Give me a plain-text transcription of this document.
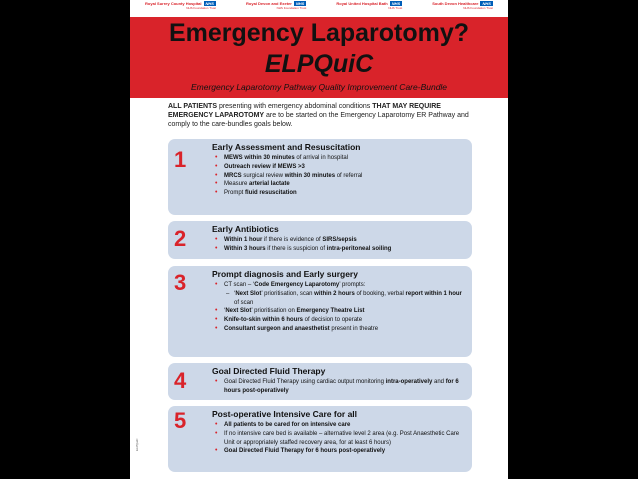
Royal Surrey County Hospital	NHS
NHS Foundation Trust
Royal Devon and Exeter	NHS
NHS Foundation Trust
Royal United Hospital Bath	NHS
NHS Trust
South Devon Healthcare	NHS
NHS Foundation Trust
Emergency Laparotomy?
ELPQuiC
Emergency Laparotomy Pathway Quality Improvement Care-Bundle
ALL PATIENTS presenting with emergency abdominal conditions THAT MAY REQUIRE EMERGENCY LAPAROTOMY are to be started on the Emergency Laparotomy ER Pathway and comply to the care-bundles goals below.
1	Early Assessment and Resuscitation
• MEWS within 30 minutes of arrival in hospital
• Outreach review if MEWS >3
• MRCS surgical review within 30 minutes of referral
• Measure arterial lactate
• Prompt fluid resuscitation
2	Early Antibiotics
• Within 1 hour if there is evidence of SIRS/sepsis
• Within 3 hours if there is suspicion of intra-peritoneal soiling
3	Prompt diagnosis and Early surgery
• CT scan – ‘Code Emergency Laparotomy’ prompts:
– ‘Next Slot’ prioritisation, scan within 2 hours of booking, verbal report within 1 hour of scan
• ‘Next Slot’ prioritisation on Emergency Theatre List
• Knife-to-skin within 6 hours of decision to operate
• Consultant surgeon and anaesthetist present in theatre
4	Goal Directed Fluid Therapy
• Goal Directed Fluid Therapy using cardiac output monitoring intra-operatively and for 6 hours post-operatively
5	Post-operative Intensive Care for all
• All patients to be cared for on intensive care
• If no intensive care bed is available – alternative level 2 area (e.g. Post Anaesthetic Care Unit or appropriately staffed recovery area, for at least 6 hours)
• Goal Directed Fluid Therapy for 6 hours post-operatively
ELPQuiC
